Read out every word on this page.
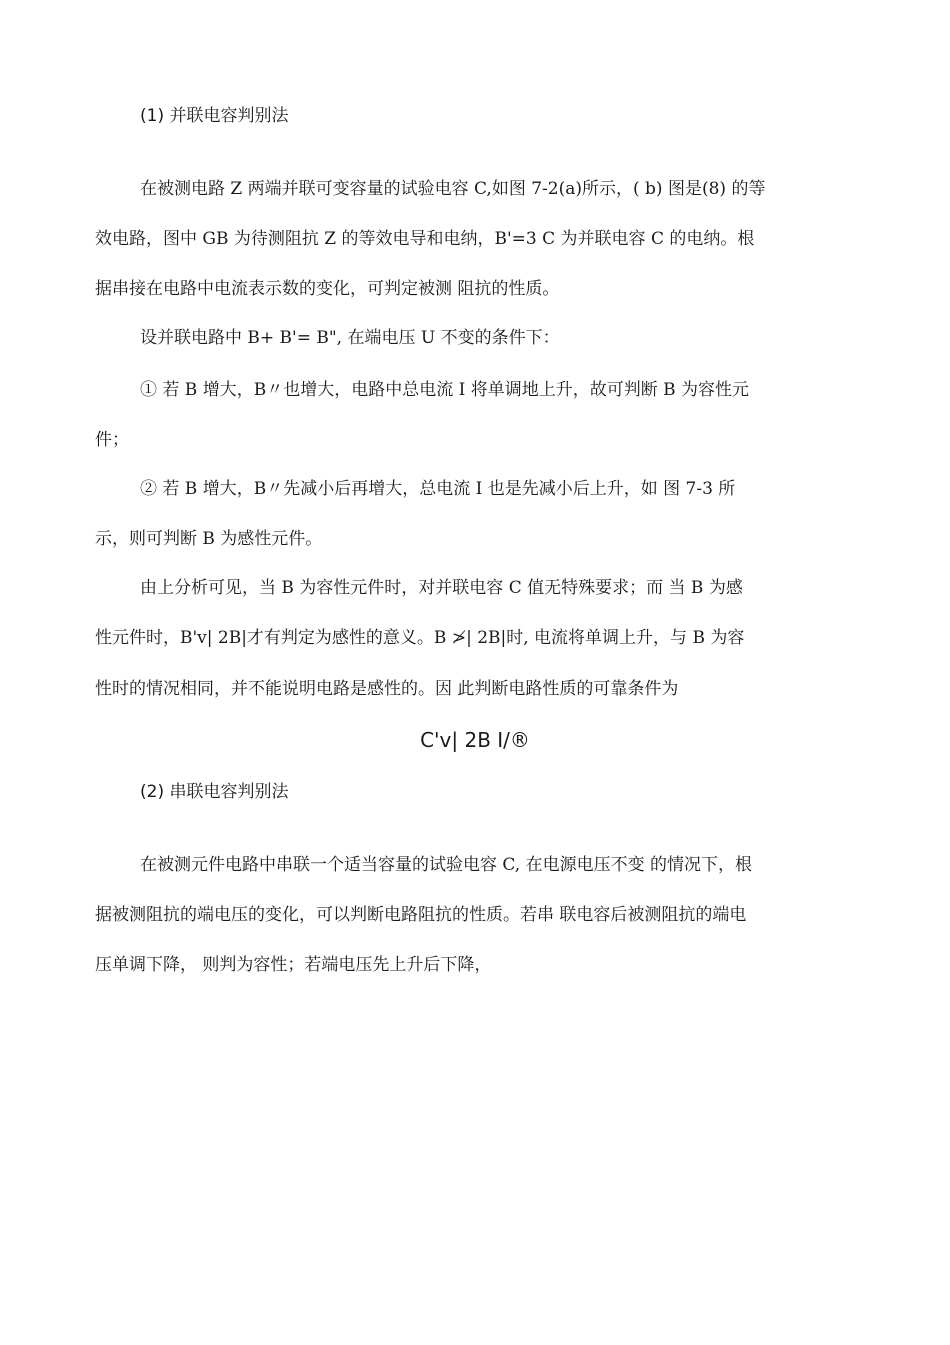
(1) 并联电容判别法
在被测电路 Z 两端并联可变容量的试验电容 C,如图 7-2(a)所示，( b) 图是(8) 的等
效电路，图中 GB 为待测阻抗 Z 的等效电导和电纳，B'=3 C 为并联电容 C 的电纳。根
据串接在电路中电流表示数的变化，可判定被测 阻抗的性质。
设并联电路中 B+ B'= B", 在端电压 U 不变的条件下：
① 若 B 增大，B〃也增大，电路中总电流 I 将单调地上升，故可判断 B 为容性元
件；
② 若 B 增大，B〃先减小后再增大，总电流 I 也是先减小后上升，如 图 7-3 所
示，则可判断 B 为感性元件。
由上分析可见，当 B 为容性元件时，对并联电容 C 值无特殊要求；而 当 B 为感
性元件时，B'v| 2B|才有判定为感性的意义。B ≯| 2B|时, 电流将单调上升，与 B 为容
性时的情况相同，并不能说明电路是感性的。因 此判断电路性质的可靠条件为
C'v| 2B I/®
(2) 串联电容判别法
在被测元件电路中串联一个适当容量的试验电容 C, 在电源电压不变 的情况下，根
据被测阻抗的端电压的变化，可以判断电路阻抗的性质。若串 联电容后被测阻抗的端电
压单调下降， 则判为容性；若端电压先上升后下降，
